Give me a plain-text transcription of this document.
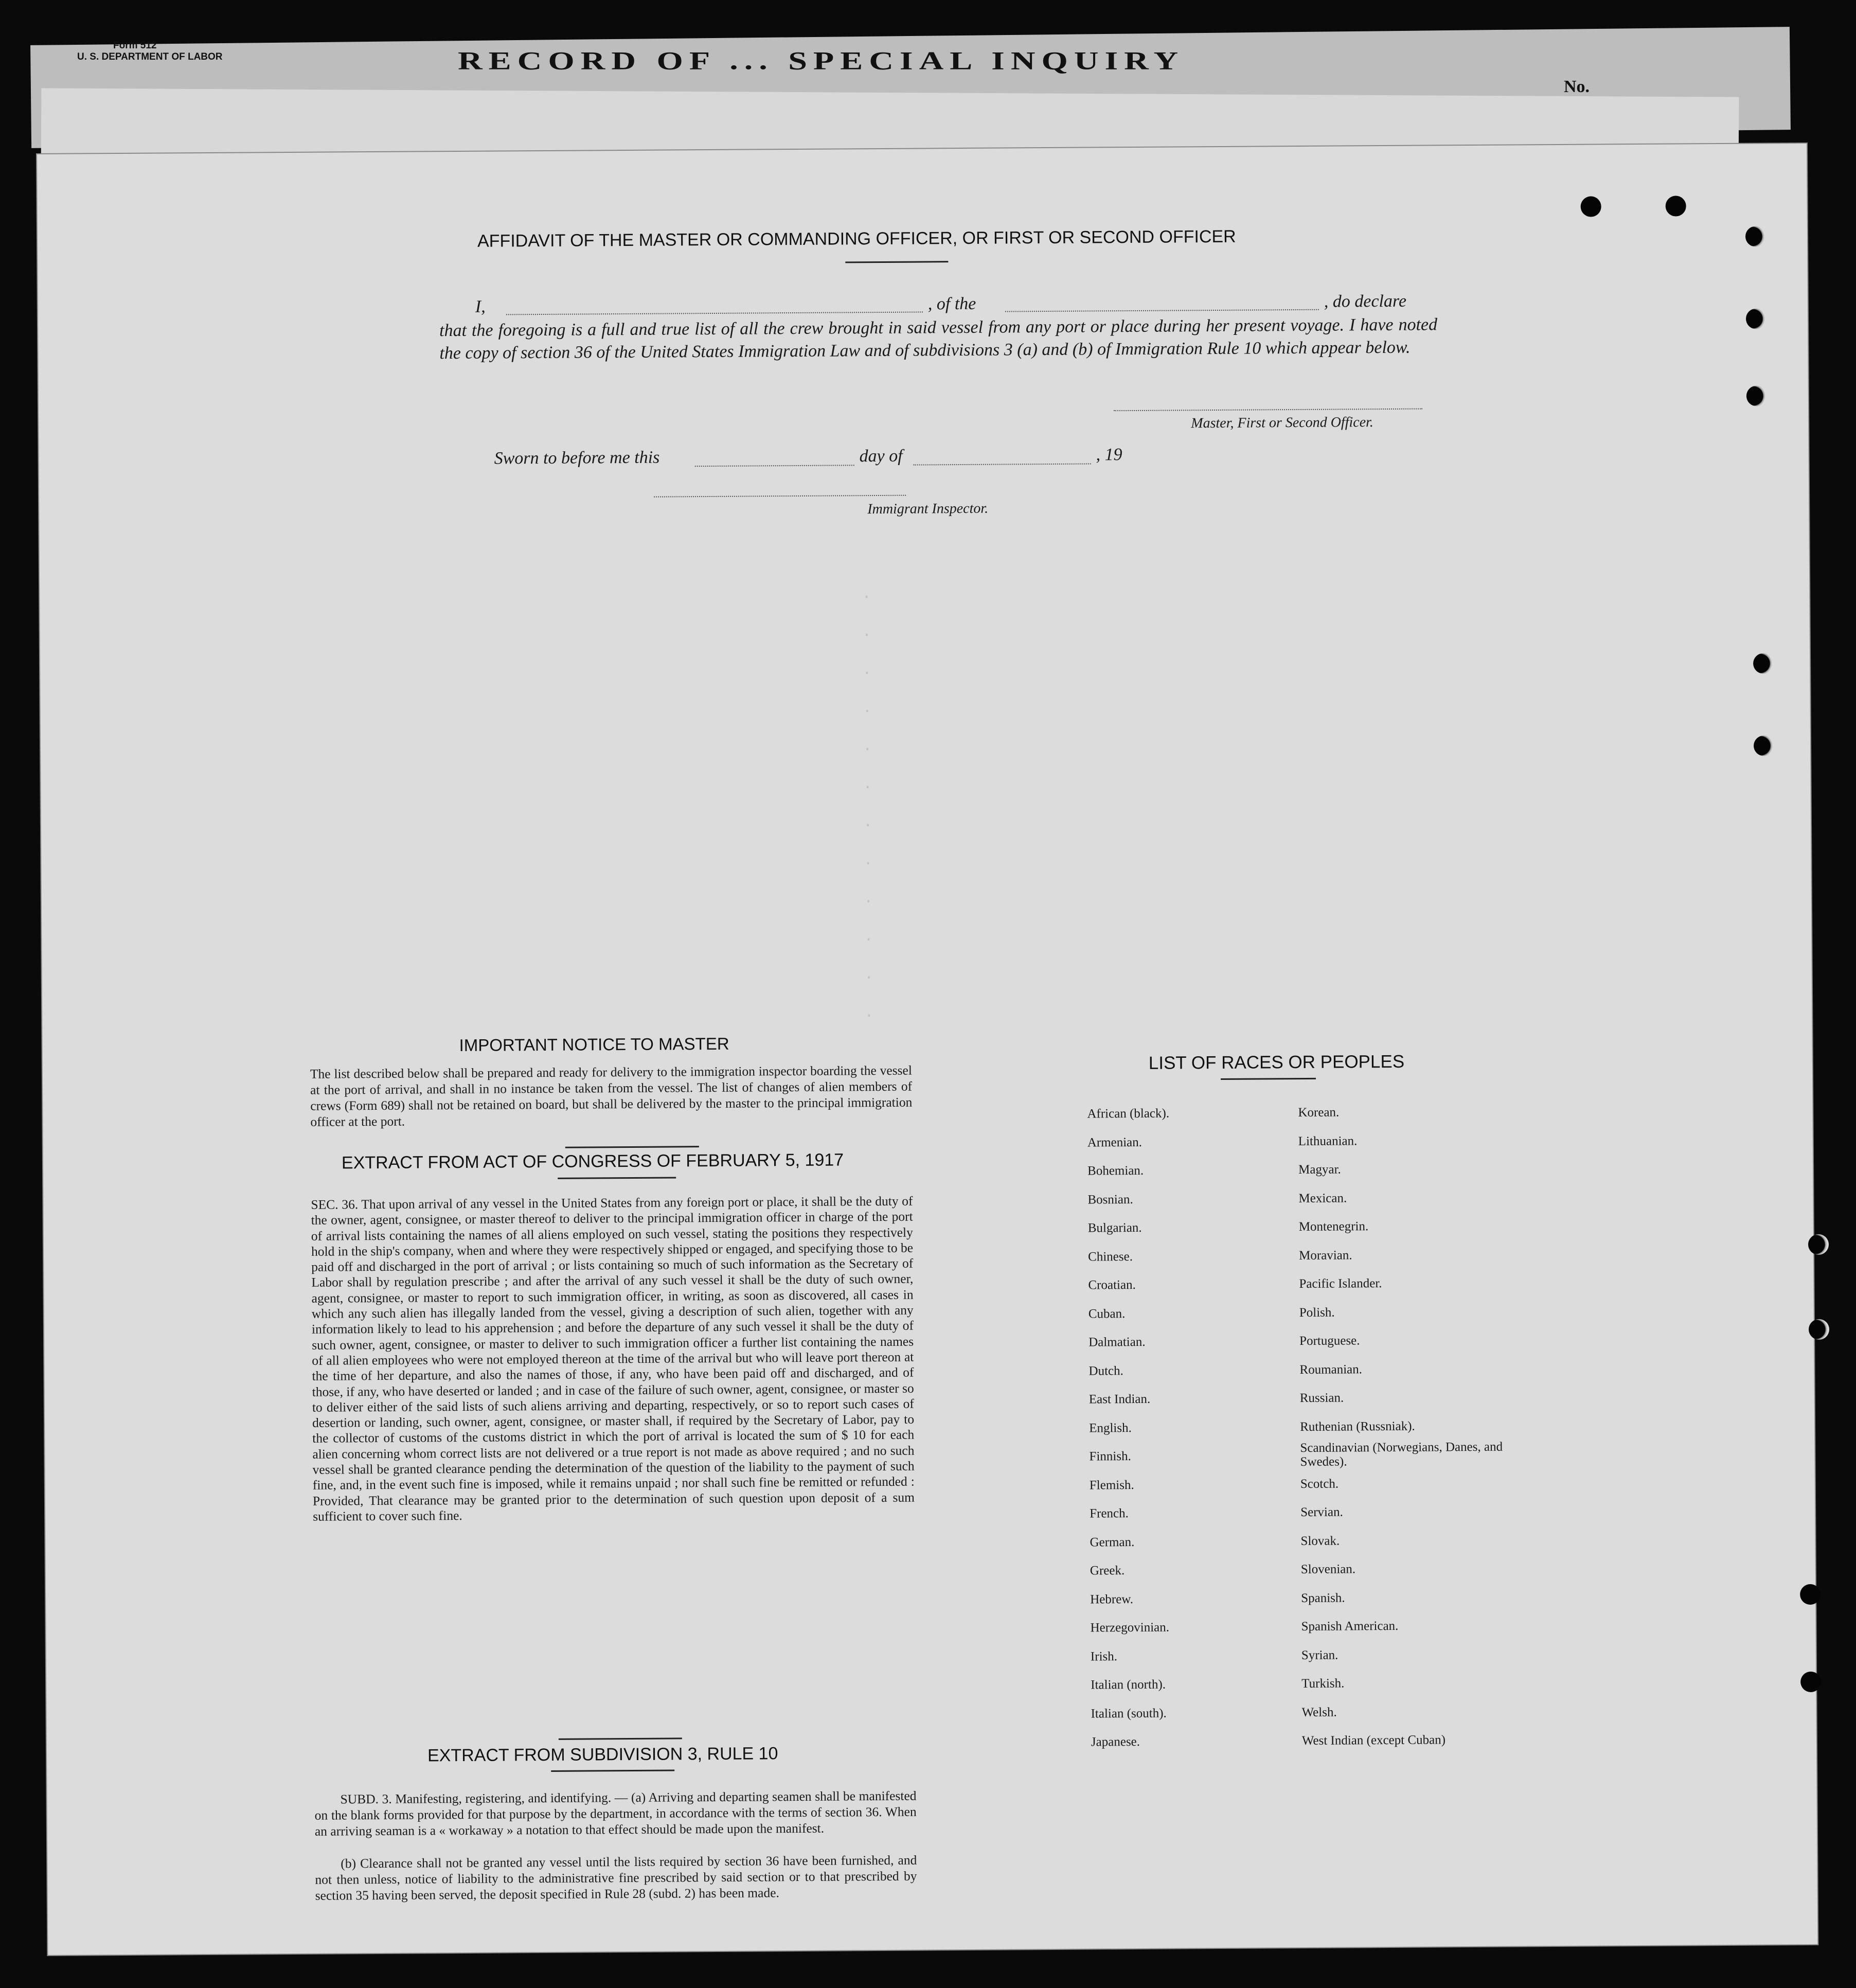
Form 512
U. S. DEPARTMENT OF LABOR	RECORD OF ... SPECIAL INQUIRY
No.

·
·
·
·
·
·
·
·
·
·
·
·

AFFIDAVIT OF THE MASTER OR COMMANDING OFFICER, OR FIRST OR SECOND OFFICER
I,	, of the	, do declare
that the foregoing is a full and true list of all the crew brought in said vessel from any port or place during her present voyage. I have noted the copy of section 36 of the United States Immigration Law and of subdivisions 3 (a) and (b) of Immigration Rule 10 which appear below.
Master, First or Second Officer.
Sworn to before me this	day of	, 19
Immigrant Inspector.
IMPORTANT NOTICE TO MASTER
The list described below shall be prepared and ready for delivery to the immigration inspector boarding the vessel at the port of arrival, and shall in no instance be taken from the vessel. The list of changes of alien members of crews (Form 689) shall not be retained on board, but shall be delivered by the master to the principal immigration officer at the port.
EXTRACT FROM ACT OF CONGRESS OF FEBRUARY 5, 1917
SEC. 36. That upon arrival of any vessel in the United States from any foreign port or place, it shall be the duty of the owner, agent, consignee, or master thereof to deliver to the principal immigration officer in charge of the port of arrival lists containing the names of all aliens employed on such vessel, stating the positions they respectively hold in the ship's company, when and where they were respectively shipped or engaged, and specifying those to be paid off and discharged in the port of arrival ; or lists containing so much of such information as the Secretary of Labor shall by regulation prescribe ; and after the arrival of any such vessel it shall be the duty of such owner, agent, consignee, or master to report to such immigration officer, in writing, as soon as discovered, all cases in which any such alien has illegally landed from the vessel, giving a description of such alien, together with any information likely to lead to his apprehension ; and before the departure of any such vessel it shall be the duty of such owner, agent, consignee, or master to deliver to such immigration officer a further list containing the names of all alien employees who were not employed thereon at the time of the arrival but who will leave port thereon at the time of her departure, and also the names of those, if any, who have been paid off and discharged, and of those, if any, who have deserted or landed ; and in case of the failure of such owner, agent, consignee, or master so to deliver either of the said lists of such aliens arriving and departing, respectively, or so to report such cases of desertion or landing, such owner, agent, consignee, or master shall, if required by the Secretary of Labor, pay to the collector of customs of the customs district in which the port of arrival is located the sum of $ 10 for each alien concerning whom correct lists are not delivered or a true report is not made as above required ; and no such vessel shall be granted clearance pending the determination of the question of the liability to the payment of such fine, and, in the event such fine is imposed, while it remains unpaid ; nor shall such fine be remitted or refunded : Provided, That clearance may be granted prior to the determination of such question upon deposit of a sum sufficient to cover such fine.
EXTRACT FROM SUBDIVISION 3, RULE 10
SUBD. 3. Manifesting, registering, and identifying. — (a) Arriving and departing seamen shall be manifested on the blank forms provided for that purpose by the department, in accordance with the terms of section 36. When an arriving seaman is a « workaway » a notation to that effect should be made upon the manifest.
(b) Clearance shall not be granted any vessel until the lists required by section 36 have been furnished, and not then unless, notice of liability to the administrative fine prescribed by said section or to that prescribed by section 35 having been served, the deposit specified in Rule 28 (subd. 2) has been made.
LIST OF RACES OR PEOPLES
African (black).
Armenian.
Bohemian.
Bosnian.
Bulgarian.
Chinese.
Croatian.
Cuban.
Dalmatian.
Dutch.
East Indian.
English.
Finnish.
Flemish.
French.
German.
Greek.
Hebrew.
Herzegovinian.
Irish.
Italian (north).
Italian (south).
Japanese.
Korean.
Lithuanian.
Magyar.
Mexican.
Montenegrin.
Moravian.
Pacific Islander.
Polish.
Portuguese.
Roumanian.
Russian.
Ruthenian (Russniak).
Scandinavian (Norwegians, Danes, and Swedes).
Scotch.
Servian.
Slovak.
Slovenian.
Spanish.
Spanish American.
Syrian.
Turkish.
Welsh.
West Indian (except Cuban)
